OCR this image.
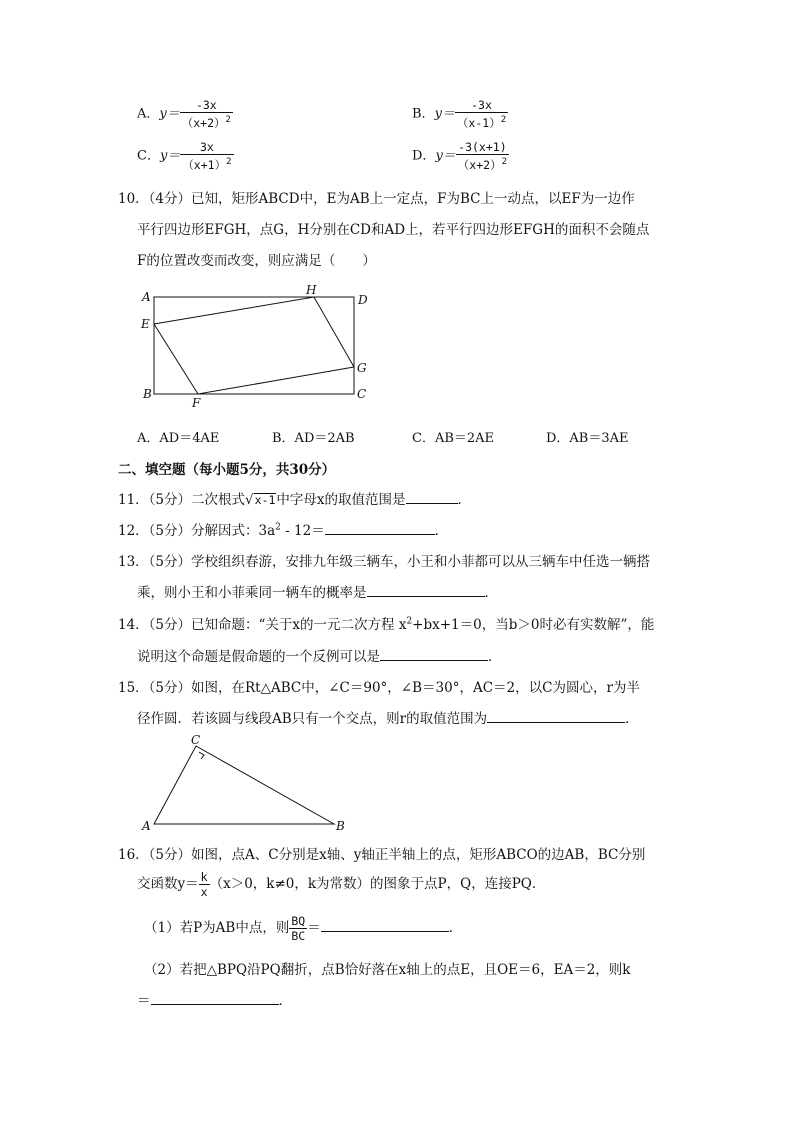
A．$y= \frac{-3x}{(x+2)^2}$	B．$y= \frac{-3x}{(x-1)^2}$
C．$y= \frac{3x}{(x+1)^2}$	D．$y= \frac{-3(x+1)}{(x+2)^2}$
10．（4分）已知，矩形ABCD中，E为AB上一定点，F为BC上一动点，以EF为一边作
平行四边形EFGH，点G，H分别在CD和AD上，若平行四边形EFGH的面积不会随点
F的位置改变而改变，则应满足（　　）
A
E
B
F
H
D
G
C
A．AD＝4AE	B．AD＝2AB	C．AB＝2AE	D．AB＝3AE
二、填空题（每小题5分，共30分）
11．（5分）二次根式√x-1中字母x的取值范围是	．
12．（5分）分解因式：$3a^2 - 12=$	．
13．（5分）学校组织春游，安排九年级三辆车，小王和小菲都可以从三辆车中任选一辆搭
乘，则小王和小菲乘同一辆车的概率是	．
14．（5分）已知命题：“关于x的一元二次方程 $x^2+bx+1=0$，当b＞0时必有实数解”，能
说明这个命题是假命题的一个反例可以是	．
15．（5分）如图，在Rt△ABC中，∠C＝90°，∠B＝30°，AC＝2，以C为圆心，r为半
径作圆．若该圆与线段AB只有一个交点，则r的取值范围为	．
A
C
B
16．（5分）如图，点A、C分别是x轴、y轴正半轴上的点，矩形ABCO的边AB，BC分别
交函数$y= \frac{k}{x} (x>0$，k≠0，k为常数）的图象于点P，Q，连接PQ．
（1）若P为AB中点，则 $\frac{BQ}{BC}$ ＝	．
（2）若把△BPQ沿PQ翻折，点B恰好落在x轴上的点E，且OE＝6，EA＝2，则k
＝	．
